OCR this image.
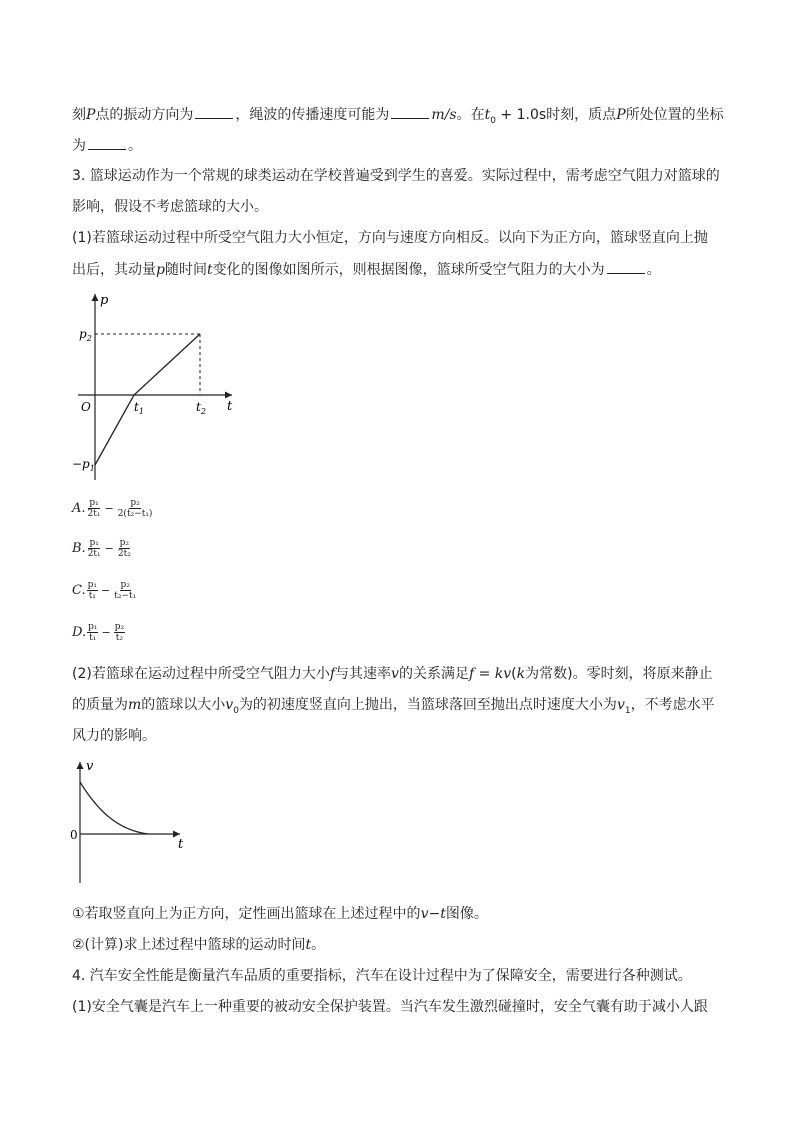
刻P点的振动方向为	，绳波的传播速度可能为	m/s。在$t_0 + 1.0s$时刻，质点P所处位置的坐标
为	。
3. 篮球运动作为一个常规的球类运动在学校普遍受到学生的喜爱。实际过程中，需考虑空气阻力对篮球的
影响，假设不考虑篮球的大小。
(1)若篮球运动过程中所受空气阻力大小恒定，方向与速度方向相反。以向下为正方向，篮球竖直向上抛
出后，其动量p随时间t变化的图像如图所示，则根据图像，篮球所受空气阻力的大小为	。
p
t
O
$p_2$
$-p_1$
$t_1$	$t_2$
A. $\frac{\text{p₁}}{\text{2t₁}} - \frac{\text{p₂}}{\text{2(t₂−t₁)}}$
B. $\frac{\text{p₁}}{\text{2t₁}} - \frac{\text{p₂}}{\text{2t₂}}$
C. $\frac{\text{p₁}}{\text{t₁}} - \frac{\text{p₂}}{\text{t₂−t₁}}$
D. $\frac{\text{p₁}}{\text{t₁}} - \frac{\text{p₂}}{\text{t₂}}$
(2)若篮球在运动过程中所受空气阻力大小f与其速率v的关系满足f = kv(k为常数)。零时刻，将原来静止
的质量为m的篮球以大小$v_0$为的初速度竖直向上抛出，当篮球落回至抛出点时速度大小为$v_1$，不考虑水平
风力的影响。
v
t
0
①若取竖直向上为正方向，定性画出篮球在上述过程中的v−t图像。
②(计算)求上述过程中篮球的运动时间t。
4. 汽车安全性能是衡量汽车品质的重要指标，汽车在设计过程中为了保障安全，需要进行各种测试。
(1)安全气囊是汽车上一种重要的被动安全保护装置。当汽车发生激烈碰撞时，安全气囊有助于减小人跟
